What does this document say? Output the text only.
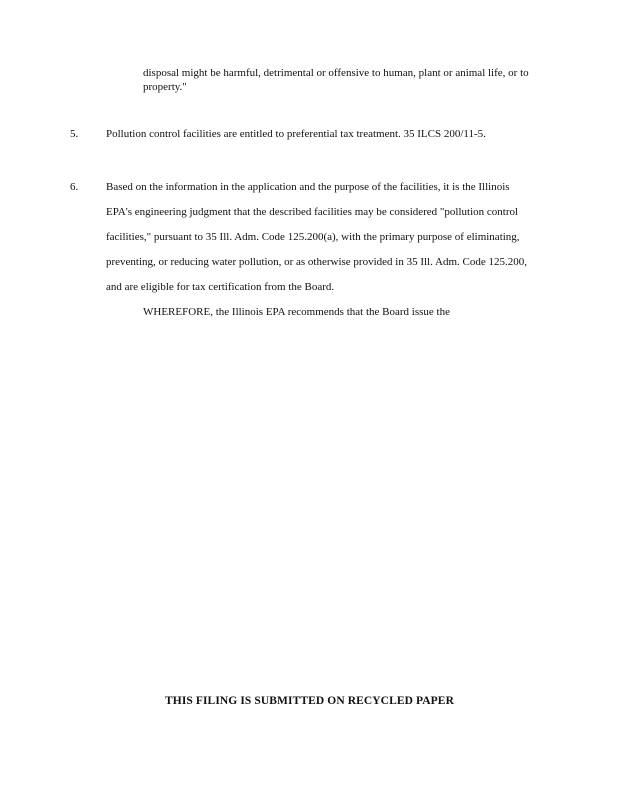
disposal might be harmful, detrimental or offensive to human, plant or animal life, or to
property."
5.	Pollution control facilities are entitled to preferential tax treatment. 35 ILCS 200/11-5.
6.	Based on the information in the application and the purpose of the facilities, it is the Illinois
EPA's engineering judgment that the described facilities may be considered "pollution control
facilities," pursuant to 35 Ill. Adm. Code 125.200(a), with the primary purpose of eliminating,
preventing, or reducing water pollution, or as otherwise provided in 35 Ill. Adm. Code 125.200,
and are eligible for tax certification from the Board.
WHEREFORE, the Illinois EPA recommends that the Board issue the
THIS FILING IS SUBMITTED ON RECYCLED PAPER
